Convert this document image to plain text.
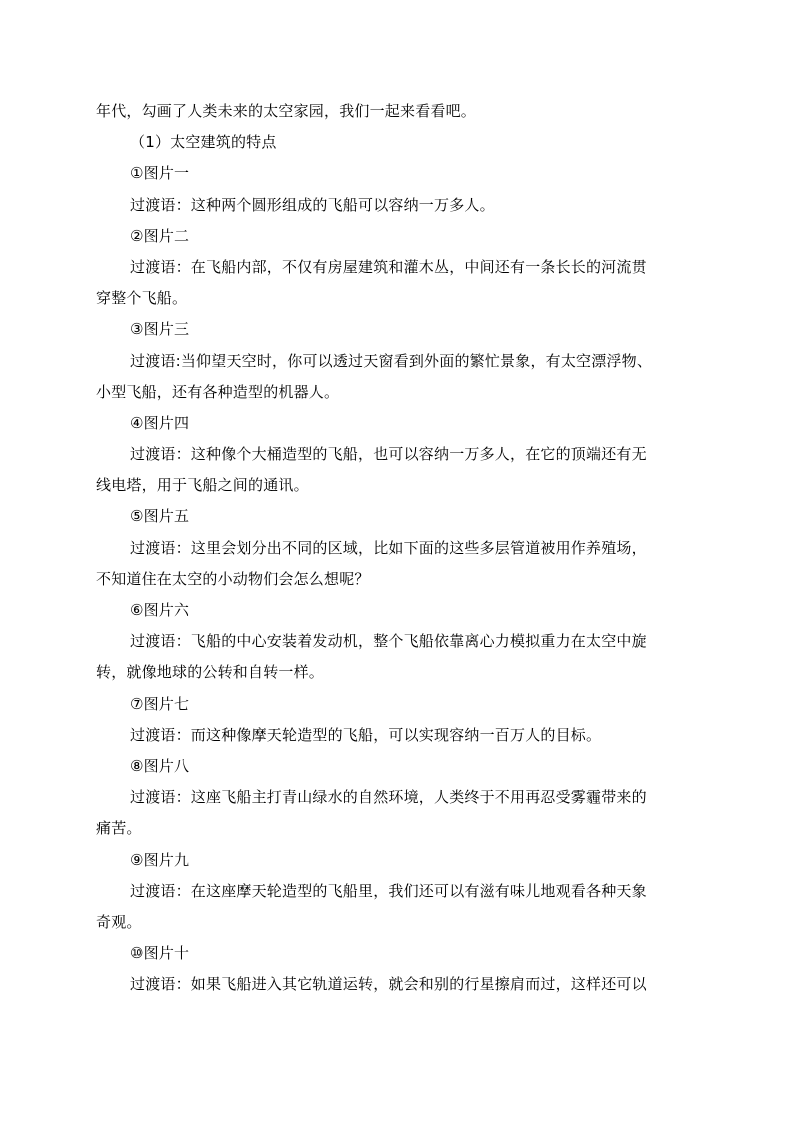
年代，勾画了人类未来的太空家园，我们一起来看看吧。
（1）太空建筑的特点
①图片一
过渡语：这种两个圆形组成的飞船可以容纳一万多人。
②图片二
过渡语：在飞船内部，不仅有房屋建筑和灌木丛，中间还有一条长长的河流贯
穿整个飞船。
③图片三
过渡语:当仰望天空时，你可以透过天窗看到外面的繁忙景象，有太空漂浮物、
小型飞船，还有各种造型的机器人。
④图片四
过渡语：这种像个大桶造型的飞船，也可以容纳一万多人，在它的顶端还有无
线电塔，用于飞船之间的通讯。
⑤图片五
过渡语：这里会划分出不同的区域，比如下面的这些多层管道被用作养殖场，
不知道住在太空的小动物们会怎么想呢？
⑥图片六
过渡语：飞船的中心安装着发动机，整个飞船依靠离心力模拟重力在太空中旋
转，就像地球的公转和自转一样。
⑦图片七
过渡语：而这种像摩天轮造型的飞船，可以实现容纳一百万人的目标。
⑧图片八
过渡语：这座飞船主打青山绿水的自然环境，人类终于不用再忍受雾霾带来的
痛苦。
⑨图片九
过渡语：在这座摩天轮造型的飞船里，我们还可以有滋有味儿地观看各种天象
奇观。
⑩图片十
过渡语：如果飞船进入其它轨道运转，就会和别的行星擦肩而过，这样还可以
